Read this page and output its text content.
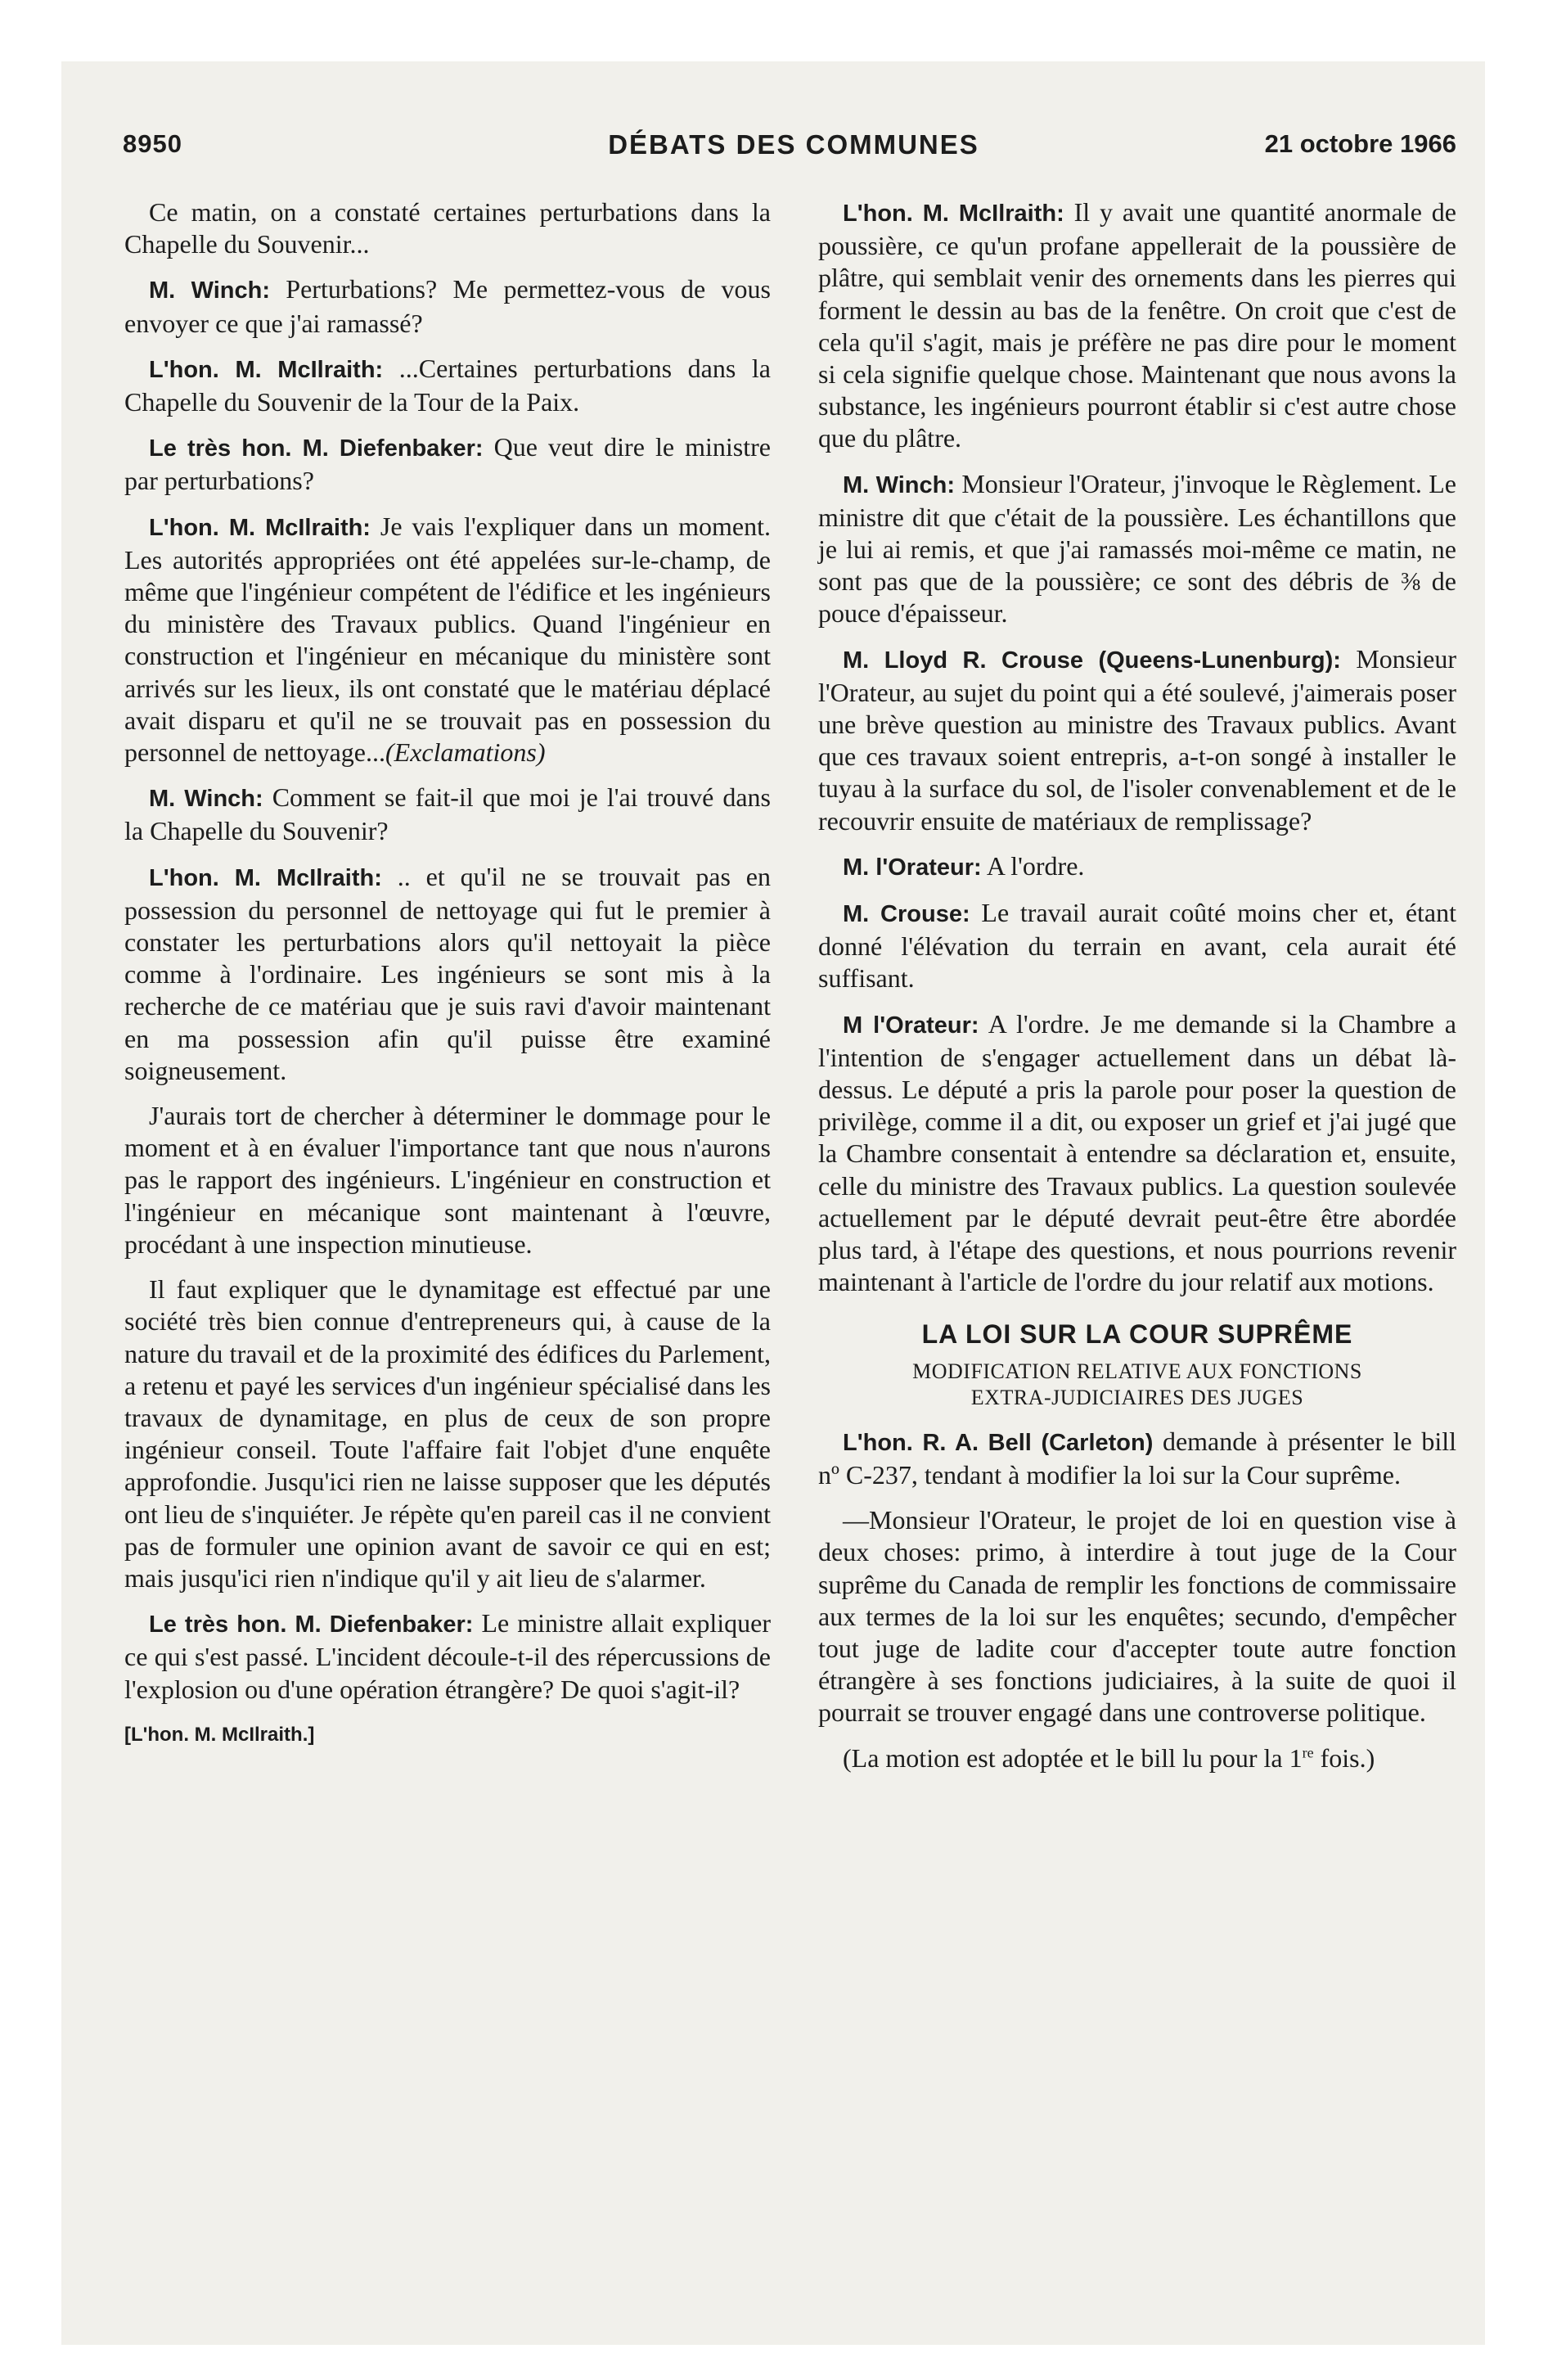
8950	DÉBATS DES COMMUNES	21 octobre 1966

Ce matin, on a constaté certaines perturbations dans la Chapelle du Souvenir...

M. Winch: Perturbations? Me permettez-vous de vous envoyer ce que j'ai ramassé?

L'hon. M. McIlraith: ...Certaines perturbations dans la Chapelle du Souvenir de la Tour de la Paix.

Le très hon. M. Diefenbaker: Que veut dire le ministre par perturbations?

L'hon. M. McIlraith: Je vais l'expliquer dans un moment. Les autorités appropriées ont été appelées sur-le-champ, de même que l'ingénieur compétent de l'édifice et les ingénieurs du ministère des Travaux publics. Quand l'ingénieur en construction et l'ingénieur en mécanique du ministère sont arrivés sur les lieux, ils ont constaté que le matériau déplacé avait disparu et qu'il ne se trouvait pas en possession du personnel de nettoyage...(Exclamations)

M. Winch: Comment se fait-il que moi je l'ai trouvé dans la Chapelle du Souvenir?

L'hon. M. McIlraith: .. et qu'il ne se trouvait pas en possession du personnel de nettoyage qui fut le premier à constater les perturbations alors qu'il nettoyait la pièce comme à l'ordinaire. Les ingénieurs se sont mis à la recherche de ce matériau que je suis ravi d'avoir maintenant en ma possession afin qu'il puisse être examiné soigneusement.

J'aurais tort de chercher à déterminer le dommage pour le moment et à en évaluer l'importance tant que nous n'aurons pas le rapport des ingénieurs. L'ingénieur en construction et l'ingénieur en mécanique sont maintenant à l'œuvre, procédant à une inspection minutieuse.

Il faut expliquer que le dynamitage est effectué par une société très bien connue d'entrepreneurs qui, à cause de la nature du travail et de la proximité des édifices du Parlement, a retenu et payé les services d'un ingénieur spécialisé dans les travaux de dynamitage, en plus de ceux de son propre ingénieur conseil. Toute l'affaire fait l'objet d'une enquête approfondie. Jusqu'ici rien ne laisse supposer que les députés ont lieu de s'inquiéter. Je répète qu'en pareil cas il ne convient pas de formuler une opinion avant de savoir ce qui en est; mais jusqu'ici rien n'indique qu'il y ait lieu de s'alarmer.

Le très hon. M. Diefenbaker: Le ministre allait expliquer ce qui s'est passé. L'incident découle-t-il des répercussions de l'explosion ou d'une opération étrangère? De quoi s'agit-il?

[L'hon. M. McIlraith.]

L'hon. M. McIlraith: Il y avait une quantité anormale de poussière, ce qu'un profane appellerait de la poussière de plâtre, qui semblait venir des ornements dans les pierres qui forment le dessin au bas de la fenêtre. On croit que c'est de cela qu'il s'agit, mais je préfère ne pas dire pour le moment si cela signifie quelque chose. Maintenant que nous avons la substance, les ingénieurs pourront établir si c'est autre chose que du plâtre.

M. Winch: Monsieur l'Orateur, j'invoque le Règlement. Le ministre dit que c'était de la poussière. Les échantillons que je lui ai remis, et que j'ai ramassés moi-même ce matin, ne sont pas que de la poussière; ce sont des débris de ⅜ de pouce d'épaisseur.

M. Lloyd R. Crouse (Queens-Lunenburg): Monsieur l'Orateur, au sujet du point qui a été soulevé, j'aimerais poser une brève question au ministre des Travaux publics. Avant que ces travaux soient entrepris, a-t-on songé à installer le tuyau à la surface du sol, de l'isoler convenablement et de le recouvrir ensuite de matériaux de remplissage?

M. l'Orateur: A l'ordre.

M. Crouse: Le travail aurait coûté moins cher et, étant donné l'élévation du terrain en avant, cela aurait été suffisant.

M l'Orateur: A l'ordre. Je me demande si la Chambre a l'intention de s'engager actuellement dans un débat là-dessus. Le député a pris la parole pour poser la question de privilège, comme il a dit, ou exposer un grief et j'ai jugé que la Chambre consentait à entendre sa déclaration et, ensuite, celle du ministre des Travaux publics. La question soulevée actuellement par le député devrait peut-être être abordée plus tard, à l'étape des questions, et nous pourrions revenir maintenant à l'article de l'ordre du jour relatif aux motions.

LA LOI SUR LA COUR SUPRÊME
MODIFICATION RELATIVE AUX FONCTIONS
EXTRA-JUDICIAIRES DES JUGES

L'hon. R. A. Bell (Carleton) demande à présenter le bill nº C-237, tendant à modifier la loi sur la Cour suprême.

—Monsieur l'Orateur, le projet de loi en question vise à deux choses: primo, à interdire à tout juge de la Cour suprême du Canada de remplir les fonctions de commissaire aux termes de la loi sur les enquêtes; secundo, d'empêcher tout juge de ladite cour d'accepter toute autre fonction étrangère à ses fonctions judiciaires, à la suite de quoi il pourrait se trouver engagé dans une controverse politique.

(La motion est adoptée et le bill lu pour la 1re fois.)
